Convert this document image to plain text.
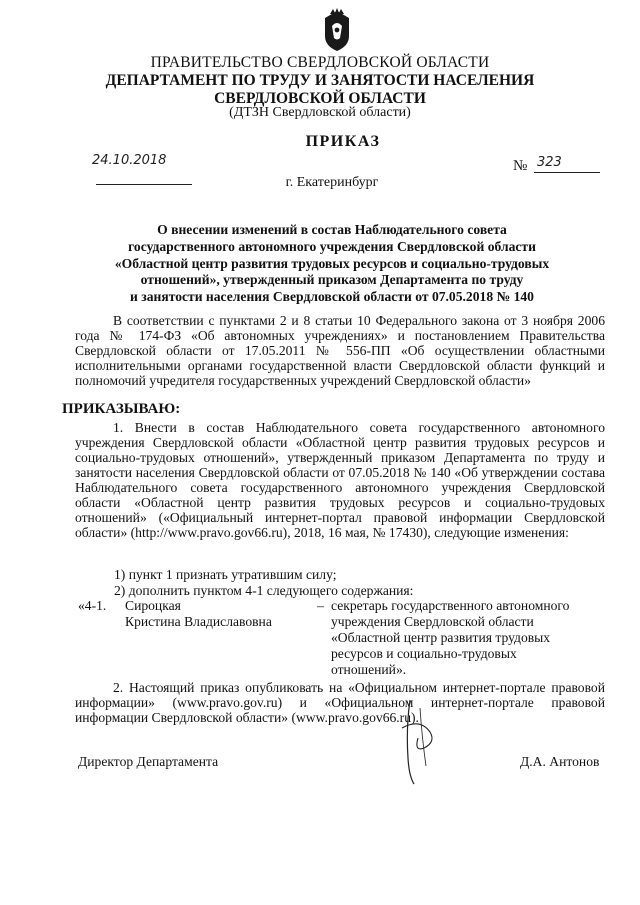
ПРАВИТЕЛЬСТВО СВЕРДЛОВСКОЙ ОБЛАСТИ
ДЕПАРТАМЕНТ ПО ТРУДУ И ЗАНЯТОСТИ НАСЕЛЕНИЯ
СВЕРДЛОВСКОЙ ОБЛАСТИ
(ДТЗН Свердловской области)
ПРИКАЗ
24.10.2018	№ 323
г. Екатеринбург
О внесении изменений в состав Наблюдательного совета
государственного автономного учреждения Свердловской области
«Областной центр развития трудовых ресурсов и социально-трудовых
отношений», утвержденный приказом Департамента по труду
и занятости населения Свердловской области от 07.05.2018 № 140
В соответствии с пунктами 2 и 8 статьи 10 Федерального закона от 3 ноября 2006 года № 174-ФЗ «Об автономных учреждениях» и постановлением Правительства Свердловской области от 17.05.2011 № 556-ПП «Об осуществлении областными исполнительными органами государственной власти Свердловской области функций и полномочий учредителя государственных учреждений Свердловской области»
ПРИКАЗЫВАЮ:
1. Внести в состав Наблюдательного совета государственного автономного учреждения Свердловской области «Областной центр развития трудовых ресурсов и социально-трудовых отношений», утвержденный приказом Департамента по труду и занятости населения Свердловской области от 07.05.2018 № 140 «Об утверждении состава Наблюдательного совета государственного автономного учреждения Свердловской области «Областной центр развития трудовых ресурсов и социально-трудовых отношений» («Официальный интернет-портал правовой информации Свердловской области» (http://www.pravo.gov66.ru), 2018, 16 мая, № 17430), следующие изменения:
1) пункт 1 признать утратившим силу;
2) дополнить пунктом 4-1 следующего содержания:
«4-1. Сироцкая
Кристина Владиславовна
– секретарь государственного автономного учреждения Свердловской области «Областной центр развития трудовых ресурсов и социально-трудовых отношений».
2. Настоящий приказ опубликовать на «Официальном интернет-портале правовой информации» (www.pravo.gov.ru) и «Официальном интернет-портале правовой информации Свердловской области» (www.pravo.gov66.ru).
Директор Департамента	Д.А. Антонов
